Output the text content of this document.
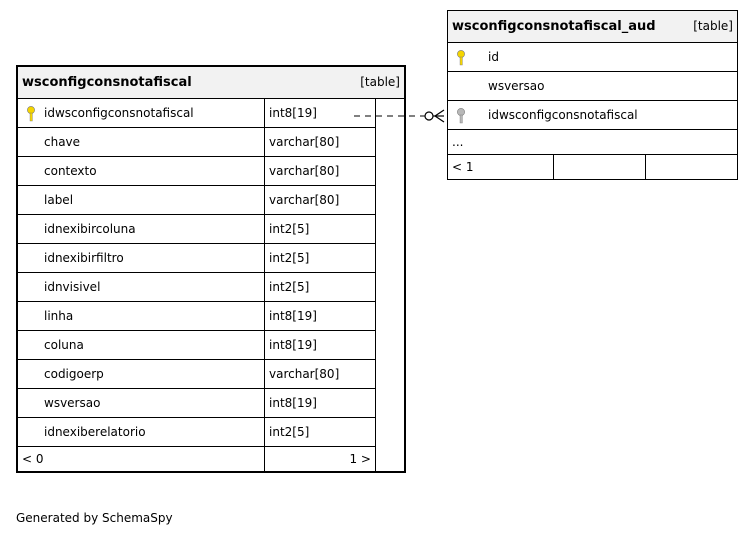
wsconfigconsnotafiscal [table]		

idwsconfigconsnotafiscal	int8[19]	
chave	varchar[80]	
contexto	varchar[80]	
label	varchar[80]	
idnexibircoluna	int2[5]	
idnexibirfiltro	int2[5]	
idnvisivel	int2[5]	
linha	int8[19]	
coluna	int8[19]	
codigoerp	varchar[80]	
wsversao	int8[19]	
idnexiberelatorio	int2[5]	
< 0	1 >	
wsconfigconsnotafiscal_aud	[table]

id

wsversao
idwsconfigconsnotafiscal

...
< 1		
Generated by SchemaSpy
